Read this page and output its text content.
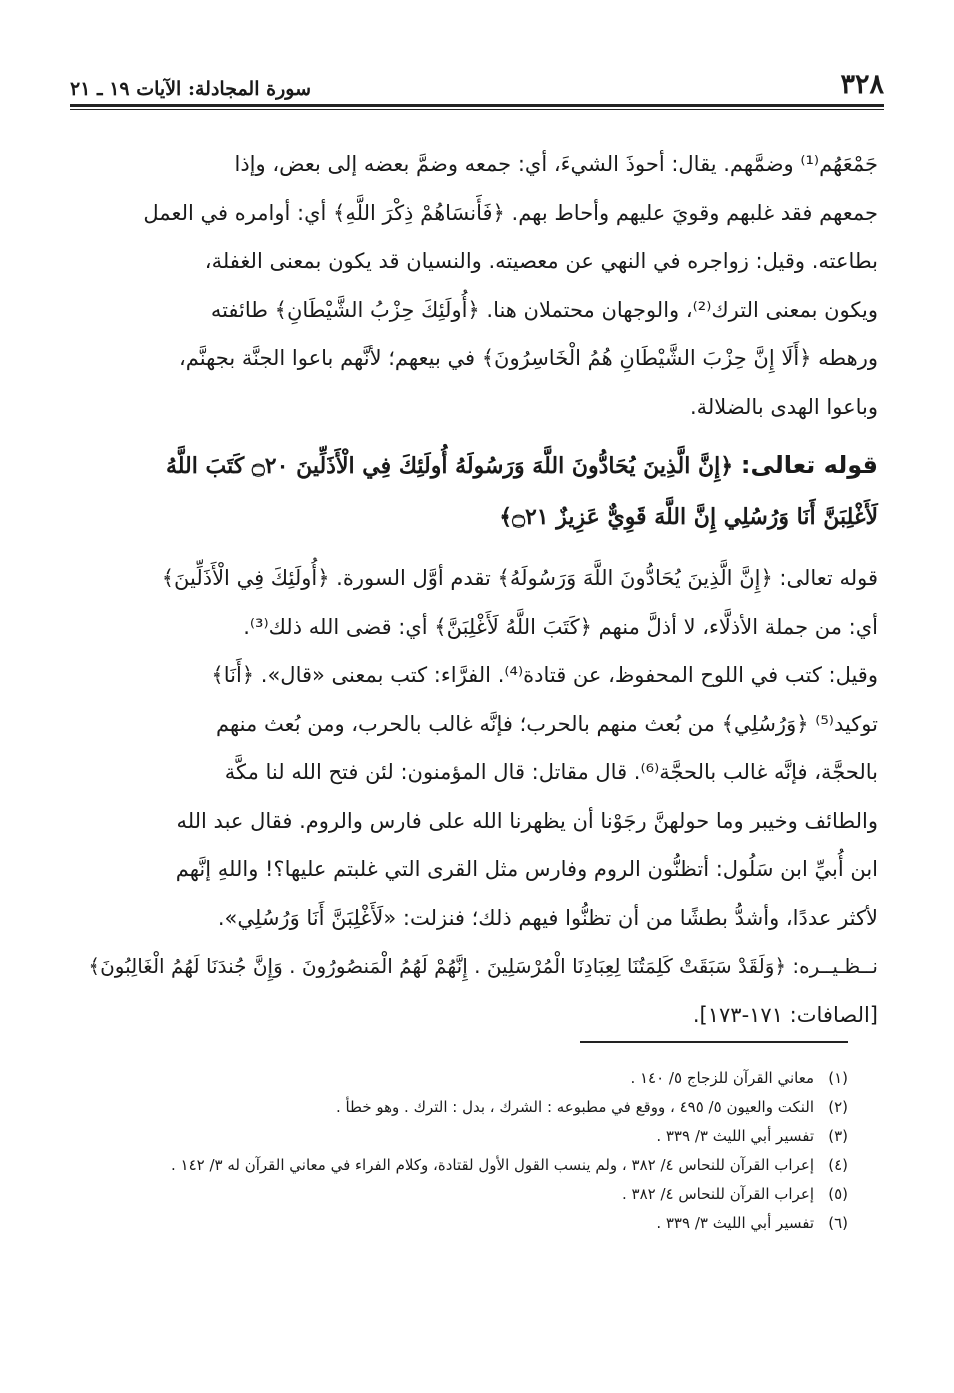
٣٢٨
سورة المجادلة: الآيات ١٩ ـ ٢١
جَمْعَهُم⁽¹⁾ وضمَّهم. يقال: أحوذَ الشيءَ، أي: جمعه وضمَّ بعضه إلى بعض، وإذا
جمعهم فقد غلبهم وقويَ عليهم وأحاط بهم. ﴿فَأَنسَاهُمْ ذِكْرَ اللَّهِ﴾ أي: أوامره في العمل
بطاعته. وقيل: زواجره في النهي عن معصيته. والنسيان قد يكون بمعنى الغفلة،
ويكون بمعنى الترك⁽²⁾، والوجهان محتملان هنا. ﴿أُولَئِكَ حِزْبُ الشَّيْطَانِ﴾ طائفته
ورهطه ﴿أَلَا إِنَّ حِزْبَ الشَّيْطَانِ هُمُ الْخَاسِرُونَ﴾ في بيعهم؛ لأنَّهم باعوا الجنَّة بجهنَّم،
وباعوا الهدى بالضلالة.
قوله تعالى: ﴿إِنَّ الَّذِينَ يُحَادُّونَ اللَّهَ وَرَسُولَهُ أُولَئِكَ فِي الْأَذَلِّينَ ۝٢٠ كَتَبَ اللَّهُ
لَأَغْلِبَنَّ أَنَا وَرُسُلِي إِنَّ اللَّهَ قَوِيٌّ عَزِيزٌ ۝٢١﴾
قوله تعالى: ﴿إِنَّ الَّذِينَ يُحَادُّونَ اللَّهَ وَرَسُولَهُ﴾ تقدم أوَّل السورة. ﴿أُولَئِكَ فِي الْأَذَلِّينَ﴾
أي: من جملة الأذلَّاء، لا أذلَّ منهم ﴿كَتَبَ اللَّهُ لَأَغْلِبَنَّ﴾ أي: قضى الله ذلك⁽³⁾.
وقيل: كتب في اللوح المحفوظ، عن قتادة⁽⁴⁾. الفرَّاء: كتب بمعنى «قال». ﴿أَنَا﴾
توكيد⁽⁵⁾ ﴿وَرُسُلِي﴾ من بُعث منهم بالحرب؛ فإنَّه غالب بالحرب، ومن بُعث منهم
بالحجَّة، فإنَّه غالب بالحجَّة⁽⁶⁾. قال مقاتل: قال المؤمنون: لئن فتح الله لنا مكَّة
والطائف وخيبر وما حولهنَّ رجَوْنا أن يظهرنا الله على فارس والروم. فقال عبد الله
ابن أُبيِّ ابن سَلُول: أتظنُّون الروم وفارس مثل القرى التي غلبتم عليها؟! واللهِ إنَّهم
لأكثر عددًا، وأشدُّ بطشًا من أن تظنُّوا فيهم ذلك؛ فنزلت: «لَأَغْلِبَنَّ أَنَا وَرُسُلِي».
نــظـيــره: ﴿وَلَقَدْ سَبَقَتْ كَلِمَتُنَا لِعِبَادِنَا الْمُرْسَلِينَ . إِنَّهُمْ لَهُمُ الْمَنصُورُونَ . وَإِنَّ جُندَنَا لَهُمُ الْغَالِبُونَ﴾
[الصافات: ١٧١-١٧٣].
(١)
معاني القرآن للزجاج ٥/ ١٤٠ .
(٢)
النكت والعيون ٥/ ٤٩٥ ، ووقع في مطبوعه : الشرك ، بدل : الترك . وهو خطأ .
(٣)
تفسير أبي الليث ٣/ ٣٣٩ .
(٤)
إعراب القرآن للنحاس ٤/ ٣٨٢ ، ولم ينسب القول الأول لقتادة، وكلام الفراء في معاني القرآن له ٣/ ١٤٢ .
(٥)
إعراب القرآن للنحاس ٤/ ٣٨٢ .
(٦)
تفسير أبي الليث ٣/ ٣٣٩ .
